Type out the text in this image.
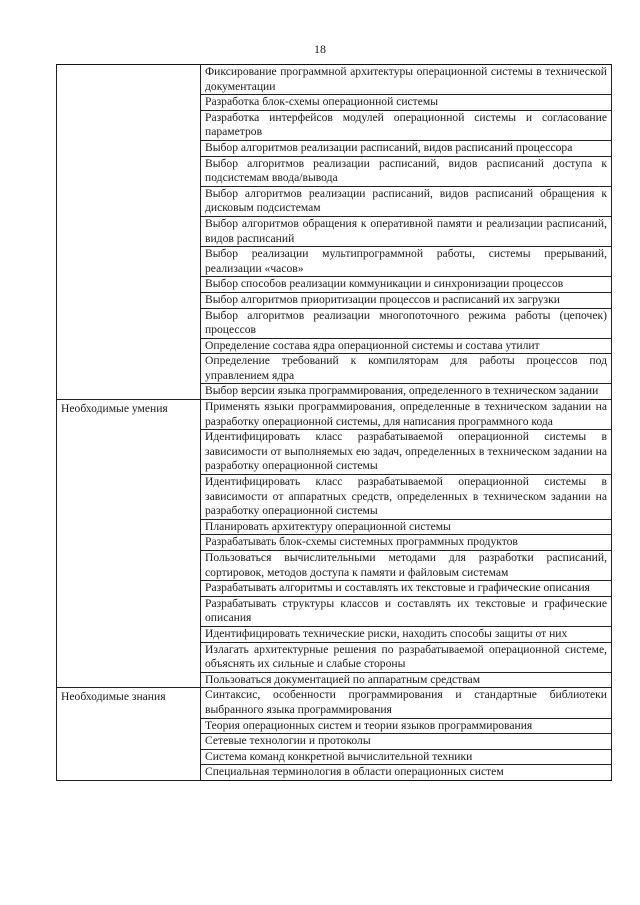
18
	Фиксирование программной архитектуры операционной системы в технической документации
	Разработка блок-схемы операционной системы
	Разработка интерфейсов модулей операционной системы и согласование параметров
	Выбор алгоритмов реализации расписаний, видов расписаний процессора
	Выбор алгоритмов реализации расписаний, видов расписаний доступа к подсистемам ввода/вывода
	Выбор алгоритмов реализации расписаний, видов расписаний обращения к дисковым подсистемам
	Выбор алгоритмов обращения к оперативной памяти и реализации расписаний, видов расписаний
	Выбор реализации мультипрограммной работы, системы прерываний, реализации «часов»
	Выбор способов реализации коммуникации и синхронизации процессов
	Выбор алгоритмов приоритизации процессов и расписаний их загрузки
	Выбор алгоритмов реализации многопоточного режима работы (цепочек) процессов
	Определение состава ядра операционной системы и состава утилит
	Определение требований к компиляторам для работы процессов под управлением ядра
	Выбор версии языка программирования, определенного в техническом задании
Необходимые умения	Применять языки программирования, определенные в техническом задании на разработку операционной системы, для написания программного кода
	Идентифицировать класс разрабатываемой операционной системы в зависимости от выполняемых ею задач, определенных в техническом задании на разработку операционной системы
	Идентифицировать класс разрабатываемой операционной системы в зависимости от аппаратных средств, определенных в техническом задании на разработку операционной системы
	Планировать архитектуру операционной системы
	Разрабатывать блок-схемы системных программных продуктов
	Пользоваться вычислительными методами для разработки расписаний, сортировок, методов доступа к памяти и файловым системам
	Разрабатывать алгоритмы и составлять их текстовые и графические описания
	Разрабатывать структуры классов и составлять их текстовые и графические описания
	Идентифицировать технические риски, находить способы защиты от них
	Излагать архитектурные решения по разрабатываемой операционной системе, объяснять их сильные и слабые стороны
	Пользоваться документацией по аппаратным средствам
Необходимые знания	Синтаксис, особенности программирования и стандартные библиотеки выбранного языка программирования
	Теория операционных систем и теории языков программирования
	Сетевые технологии и протоколы
	Система команд конкретной вычислительной техники
	Специальная терминология в области операционных систем
